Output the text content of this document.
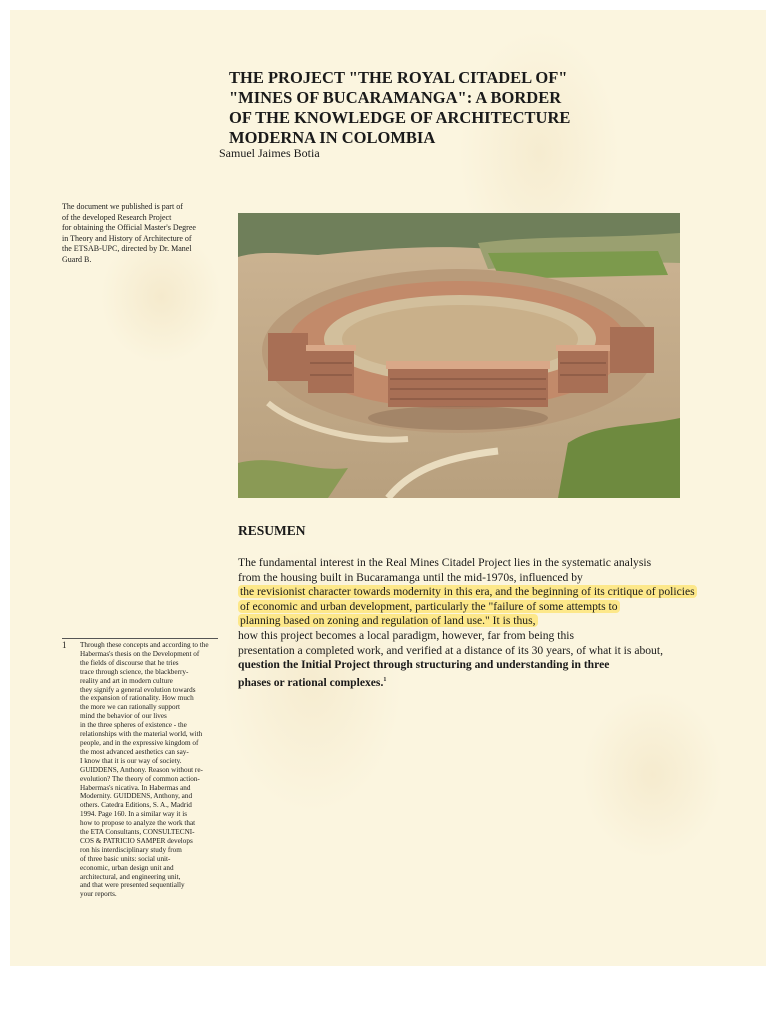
THE PROJECT "THE ROYAL CITADEL OF"
"MINES OF BUCARAMANGA": A BORDER
OF THE KNOWLEDGE OF ARCHITECTURE
MODERNA IN COLOMBIA

Samuel Jaimes Botia

The document we published is part of
of the developed Research Project
for obtaining the Official Master's Degree
in Theory and History of Architecture of
the ETSAB-UPC, directed by Dr. Manel
Guard B.
RESUMEN
The fundamental interest in the Real Mines Citadel Project lies in the systematic analysis
from the housing built in Bucaramanga until the mid-1970s, influenced by
the revisionist character towards modernity in this era, and the beginning of its critique of policies
of economic and urban development, particularly the "failure of some attempts to
planning based on zoning and regulation of land use." It is thus,
how this project becomes a local paradigm, however, far from being this
presentation a completed work, and verified at a distance of its 30 years, of what it is about,
question the Initial Project through structuring and understanding in three
phases or rational complexes.$^1$
1 Through these concepts and according to the
Habermas's thesis on the Development of
the fields of discourse that he tries
trace through science, the blackberry-
reality and art in modern culture
they signify a general evolution towards
the expansion of rationality. How much
the more we can rationally support
mind the behavior of our lives
in the three spheres of existence - the
relationships with the material world, with
people, and in the expressive kingdom of
the most advanced aesthetics can say-
I know that it is our way of society.
GUIDDENS, Anthony. Reason without re-
evolution? The theory of common action-
Habermas's nicativa. In Habermas and
Modernity. GUIDDENS, Anthony, and
others. Catedra Editions, S. A., Madrid
1994. Page 160. In a similar way it is
how to propose to analyze the work that
the ETA Consultants, CONSULTECNI-
COS & PATRICIO SAMPER develops
ron his interdisciplinary study from
of three basic units: social unit-
economic, urban design unit and
architectural, and engineering unit,
and that were presented sequentially
your reports.
